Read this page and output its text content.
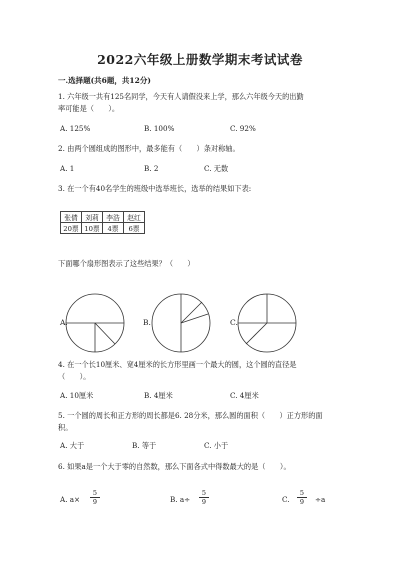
2022六年级上册数学期末考试试卷
一.选择题(共6题，共12分)
1. 六年级一共有125名同学，今天有人请假没来上学，那么六年级今天的出勤
率可能是（　　）。
A. 125%	B. 100%	C. 92%
2. 由两个圆组成的图形中，最多能有（　　）条对称轴。
A. 1	B. 2	C. 无数
3. 在一个有40名学生的班级中选举班长，选举的结果如下表:
张倩	刘莉	李浩	赵红
20票	10票	4票	6票
下面哪个扇形图表示了这些结果？（　　）
A.	B.	C.
4. 在一个长10厘米、宽4厘米的长方形里画一个最大的圆，这个圆的直径是
（　　）。
A. 10厘米	B. 4厘米	C. 4厘米
5. 一个圆的周长和正方形的周长都是6. 28分米，那么圆的面积（　　）正方形的面
积。
A. 大于	B. 等于	C. 小于
6. 如果a是一个大于零的自然数，那么下面各式中得数最大的是（　　）。
A. $a\times \frac{5}{9}$	B. $a\div \frac{5}{9}$	C. $\frac{5}{9} \div a$
